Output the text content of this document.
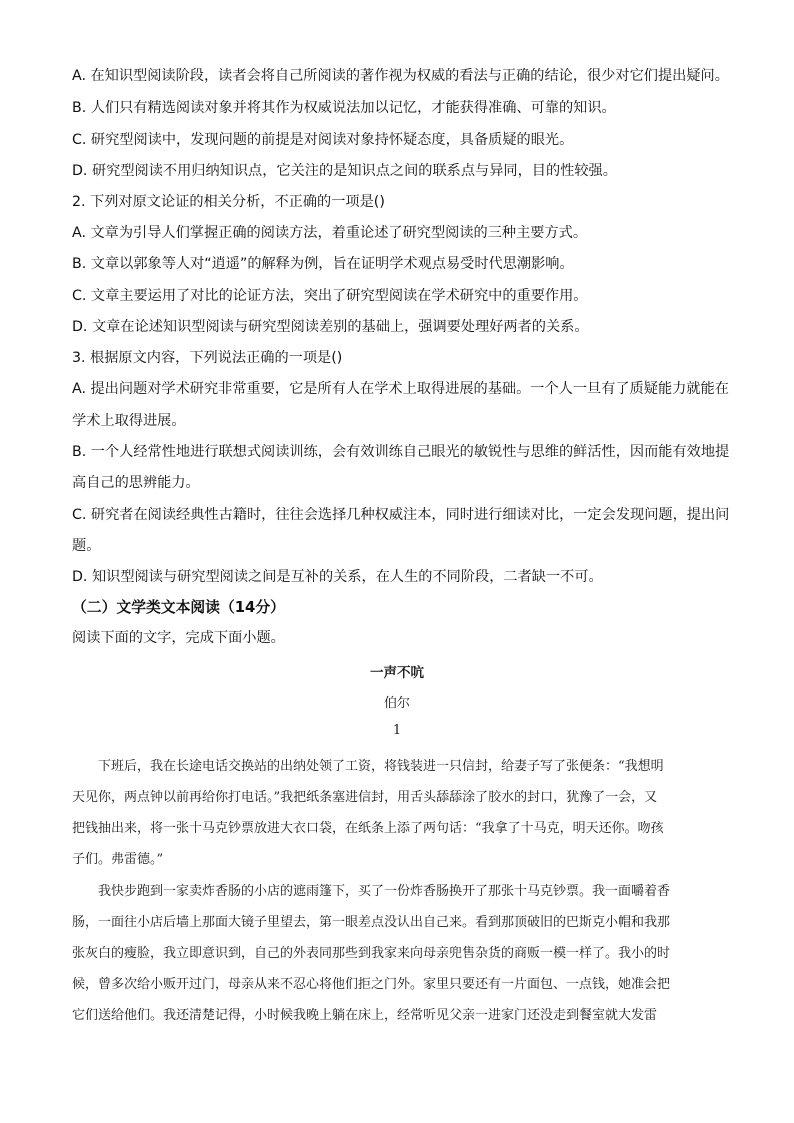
A. 在知识型阅读阶段，读者会将自己所阅读的著作视为权威的看法与正确的结论，很少对它们提出疑问。
B. 人们只有精选阅读对象并将其作为权威说法加以记忆，才能获得准确、可靠的知识。
C. 研究型阅读中，发现问题的前提是对阅读对象持怀疑态度，具备质疑的眼光。
D. 研究型阅读不用归纳知识点，它关注的是知识点之间的联系点与异同，目的性较强。
2. 下列对原文论证的相关分析，不正确的一项是()
A. 文章为引导人们掌握正确的阅读方法，着重论述了研究型阅读的三种主要方式。
B. 文章以郭象等人对“逍遥”的解释为例，旨在证明学术观点易受时代思潮影响。
C. 文章主要运用了对比的论证方法，突出了研究型阅读在学术研究中的重要作用。
D. 文章在论述知识型阅读与研究型阅读差别的基础上，强调要处理好两者的关系。
3. 根据原文内容，下列说法正确的一项是()
A. 提出问题对学术研究非常重要，它是所有人在学术上取得进展的基础。一个人一旦有了质疑能力就能在
学术上取得进展。
B. 一个人经常性地进行联想式阅读训练，会有效训练自己眼光的敏锐性与思维的鲜活性，因而能有效地提
高自己的思辨能力。
C. 研究者在阅读经典性古籍时，往往会选择几种权威注本，同时进行细读对比，一定会发现问题，提出问
题。
D. 知识型阅读与研究型阅读之间是互补的关系，在人生的不同阶段，二者缺一不可。
（二）文学类文本阅读（14分）
阅读下面的文字，完成下面小题。
一声不吭
伯尔
1
　　下班后，我在长途电话交换站的出纳处领了工资，将钱装进一只信封，给妻子写了张便条：“我想明
天见你，两点钟以前再给你打电话。”我把纸条塞进信封，用舌头舔舔涂了胶水的封口，犹豫了一会，又
把钱抽出来，将一张十马克钞票放进大衣口袋，在纸条上添了两句话：“我拿了十马克，明天还你。吻孩
子们。弗雷德。”
　　我快步跑到一家卖炸香肠的小店的遮雨篷下，买了一份炸香肠换开了那张十马克钞票。我一面嚼着香
肠，一面往小店后墙上那面大镜子里望去，第一眼差点没认出自己来。看到那顶破旧的巴斯克小帽和我那
张灰白的瘦脸，我立即意识到，自己的外表同那些到我家来向母亲兜售杂货的商贩一模一样了。我小的时
候，曾多次给小贩开过门，母亲从来不忍心将他们拒之门外。家里只要还有一片面包、一点钱，她准会把
它们送给他们。我还清楚记得，小时候我晚上躺在床上，经常听见父亲一进家门还没走到餐室就大发雷
